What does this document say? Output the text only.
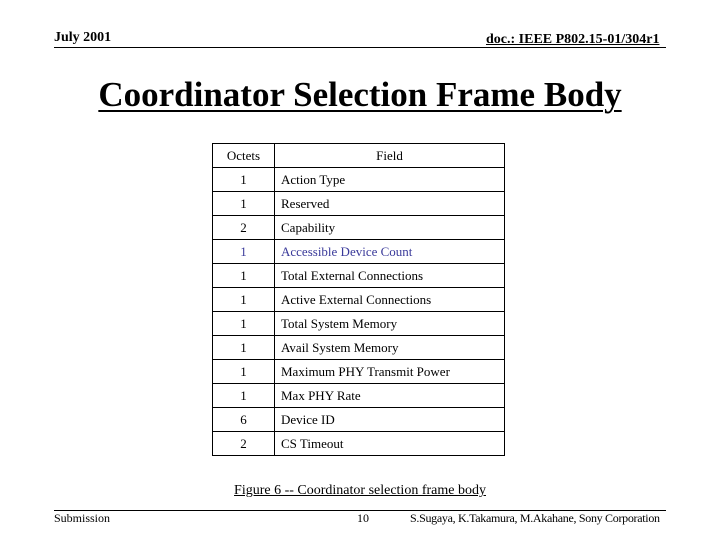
July 2001	doc.: IEEE P802.15-01/304r1
Coordinator Selection Frame Body
Octets	Field
1	Action Type
1	Reserved
2	Capability
1	Accessible Device Count
1	Total External Connections
1	Active External Connections
1	Total System Memory
1	Avail System Memory
1	Maximum PHY Transmit Power
1	Max PHY Rate
6	Device ID
2	CS Timeout
Figure 6 -- Coordinator selection frame body
Submission	10	S.Sugaya, K.Takamura, M.Akahane, Sony Corporation
